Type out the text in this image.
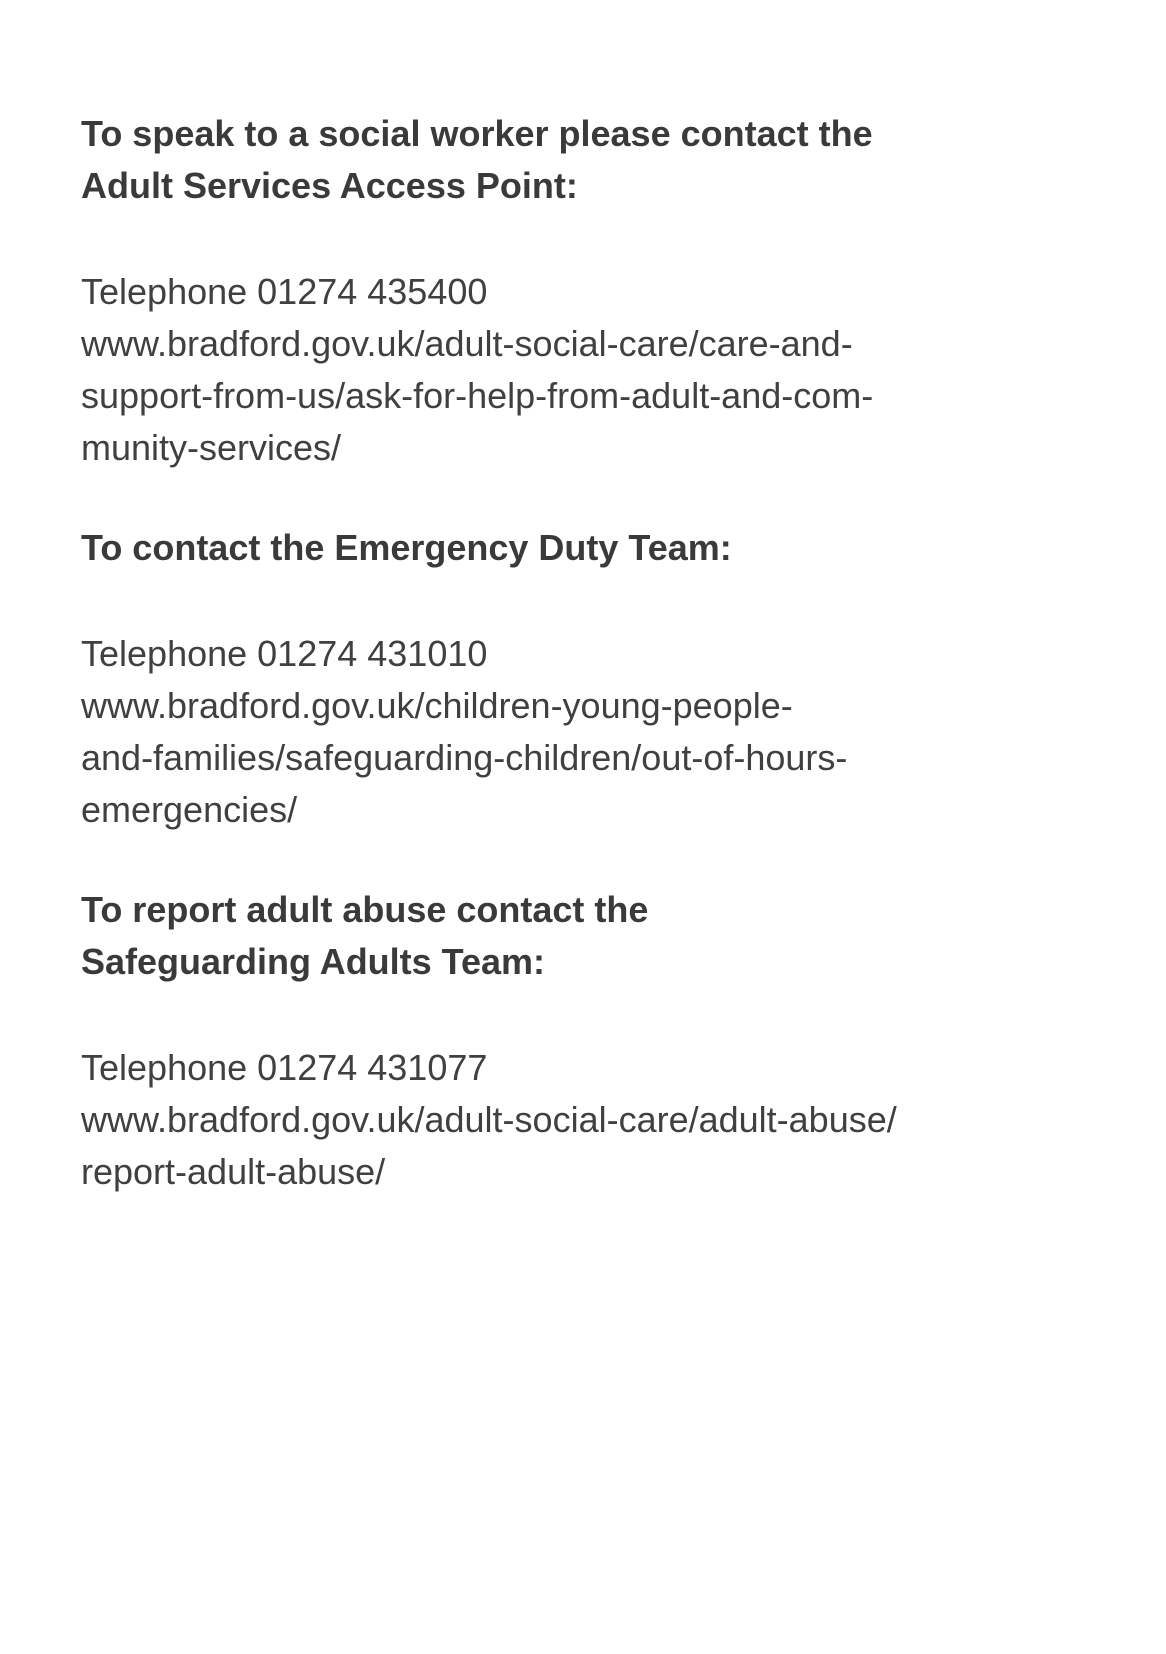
To speak to a social worker please contact the
Adult Services Access Point:

Telephone 01274 435400
www.bradford.gov.uk/adult-social-care/care-and-
support-from-us/ask-for-help-from-adult-and-com-
munity-services/

To contact the Emergency Duty Team:

Telephone 01274 431010
www.bradford.gov.uk/children-young-people-
and-families/safeguarding-children/out-of-hours-
emergencies/

To report adult abuse contact the
Safeguarding Adults Team:

Telephone 01274 431077
www.bradford.gov.uk/adult-social-care/adult-abuse/
report-adult-abuse/
